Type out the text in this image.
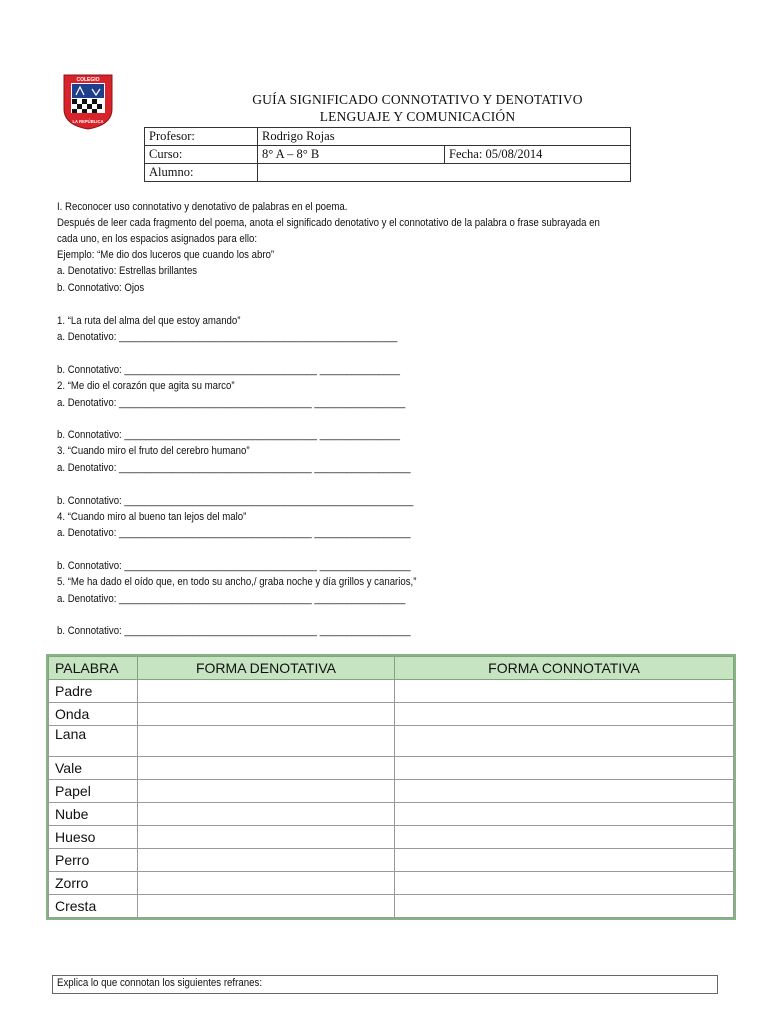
COLEGIO
LA REPÚBLICA
GUÍA SIGNIFICADO CONNOTATIVO Y DENOTATIVO
LENGUAJE Y COMUNICACIÓN
Profesor:	Rodrigo Rojas	
Curso:	8° A – 8° B	Fecha: 05/08/2014
Alumno:		
I. Reconocer uso connotativo y denotativo de palabras en el poema.
Después de leer cada fragmento del poema, anota el significado denotativo y el connotativo de la palabra o frase subrayada en
cada uno, en los espacios asignados para ello:
Ejemplo: “Me dio dos luceros que cuando los abro”
a. Denotativo: Estrellas brillantes
b. Connotativo: Ojos
1. “La ruta del alma del que estoy amando”
a. Denotativo: ____________________________________________________
b. Connotativo: ____________________________________ _______________
2. “Me dio el corazón que agita su marco”
a. Denotativo: ____________________________________ _________________
b. Connotativo: ____________________________________ _______________
3. “Cuando miro el fruto del cerebro humano”
a. Denotativo: ____________________________________ __________________
b. Connotativo: ______________________________________________________
4. “Cuando miro al bueno tan lejos del malo”
a. Denotativo: ____________________________________ __________________
b. Connotativo: ____________________________________ _________________
5. “Me ha dado el oído que, en todo su ancho,/ graba noche y día grillos y canarios,”
a. Denotativo: ____________________________________ _________________
b. Connotativo: ____________________________________ _________________
PALABRA	FORMA DENOTATIVA	FORMA CONNOTATIVA
Padre		
Onda		
Lana		
Vale		
Papel		
Nube		
Hueso		
Perro		
Zorro		
Cresta		
Explica lo que connotan los siguientes refranes:
